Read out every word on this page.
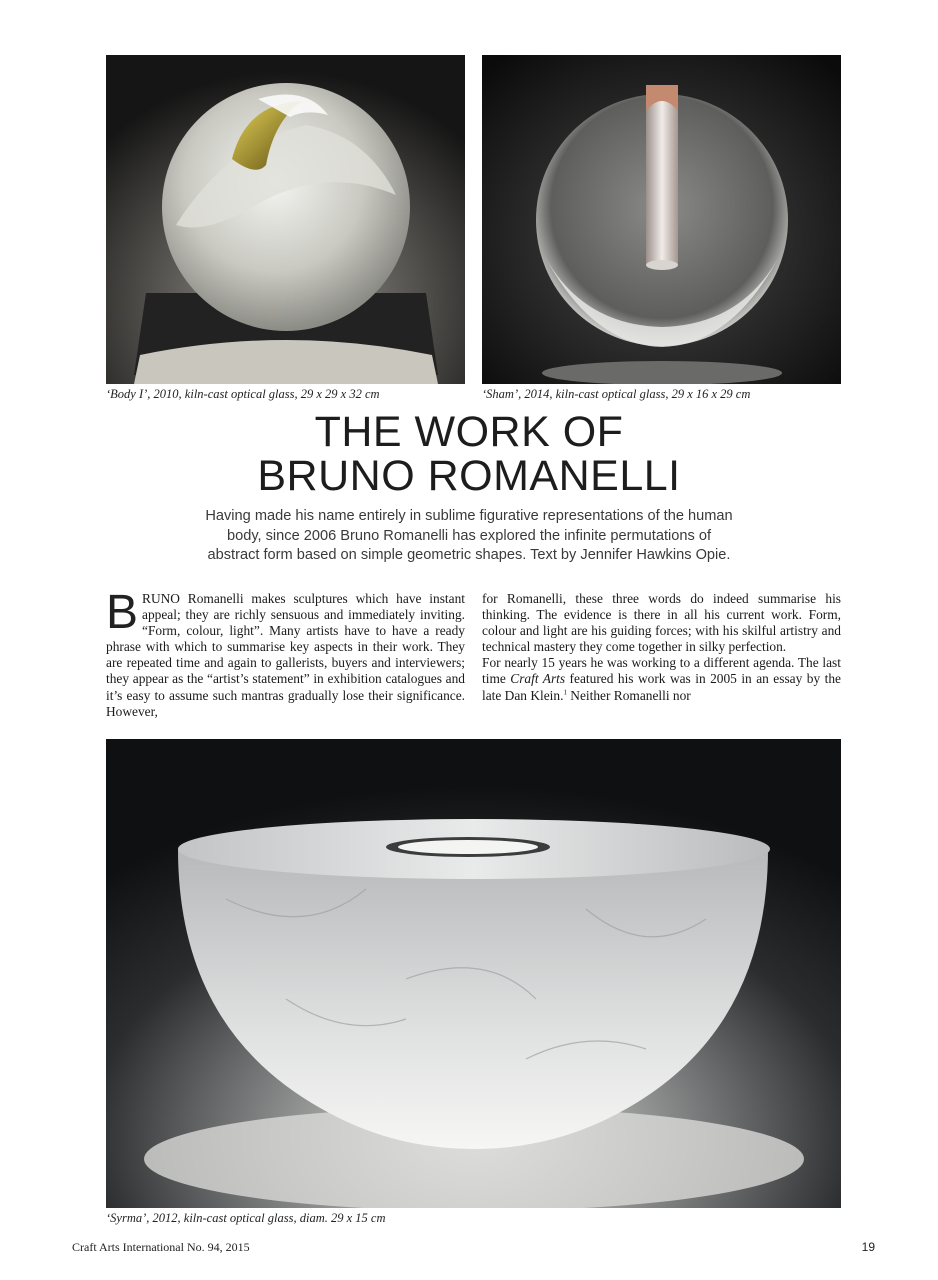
‘Body I’, 2010, kiln-cast optical glass, 29 x 29 x 32 cm	‘Sham’, 2014, kiln-cast optical glass, 29 x 16 x 29 cm
THE WORK OF
BRUNO ROMANELLI
Having made his name entirely in sublime figurative representations of the human body, since 2006 Bruno Romanelli has explored the infinite permutations of abstract form based on simple geometric shapes. Text by Jennifer Hawkins Opie.

BRUNO Romanelli makes sculptures which have instant appeal; they are richly sensuous and immediately inviting. “Form, colour, light”. Many artists have to have a ready phrase with which to summarise key aspects in their work. They are repeated time and again to gallerists, buyers and interviewers; they appear as the “artist’s statement” in exhibition catalogues and it’s easy to assume such mantras gradually lose their significance. However,

for Romanelli, these three words do indeed summarise his thinking. The evidence is there in all his current work. Form, colour and light are his guiding forces; with his skilful artistry and technical mastery they come together in silky perfection.

For nearly 15 years he was working to a different agenda. The last time Craft Arts featured his work was in 2005 in an essay by the late Dan Klein.$^1$ Neither Romanelli nor

‘Syrma’, 2012, kiln-cast optical glass, diam. 29 x 15 cm
Craft Arts International No. 94, 2015	19
